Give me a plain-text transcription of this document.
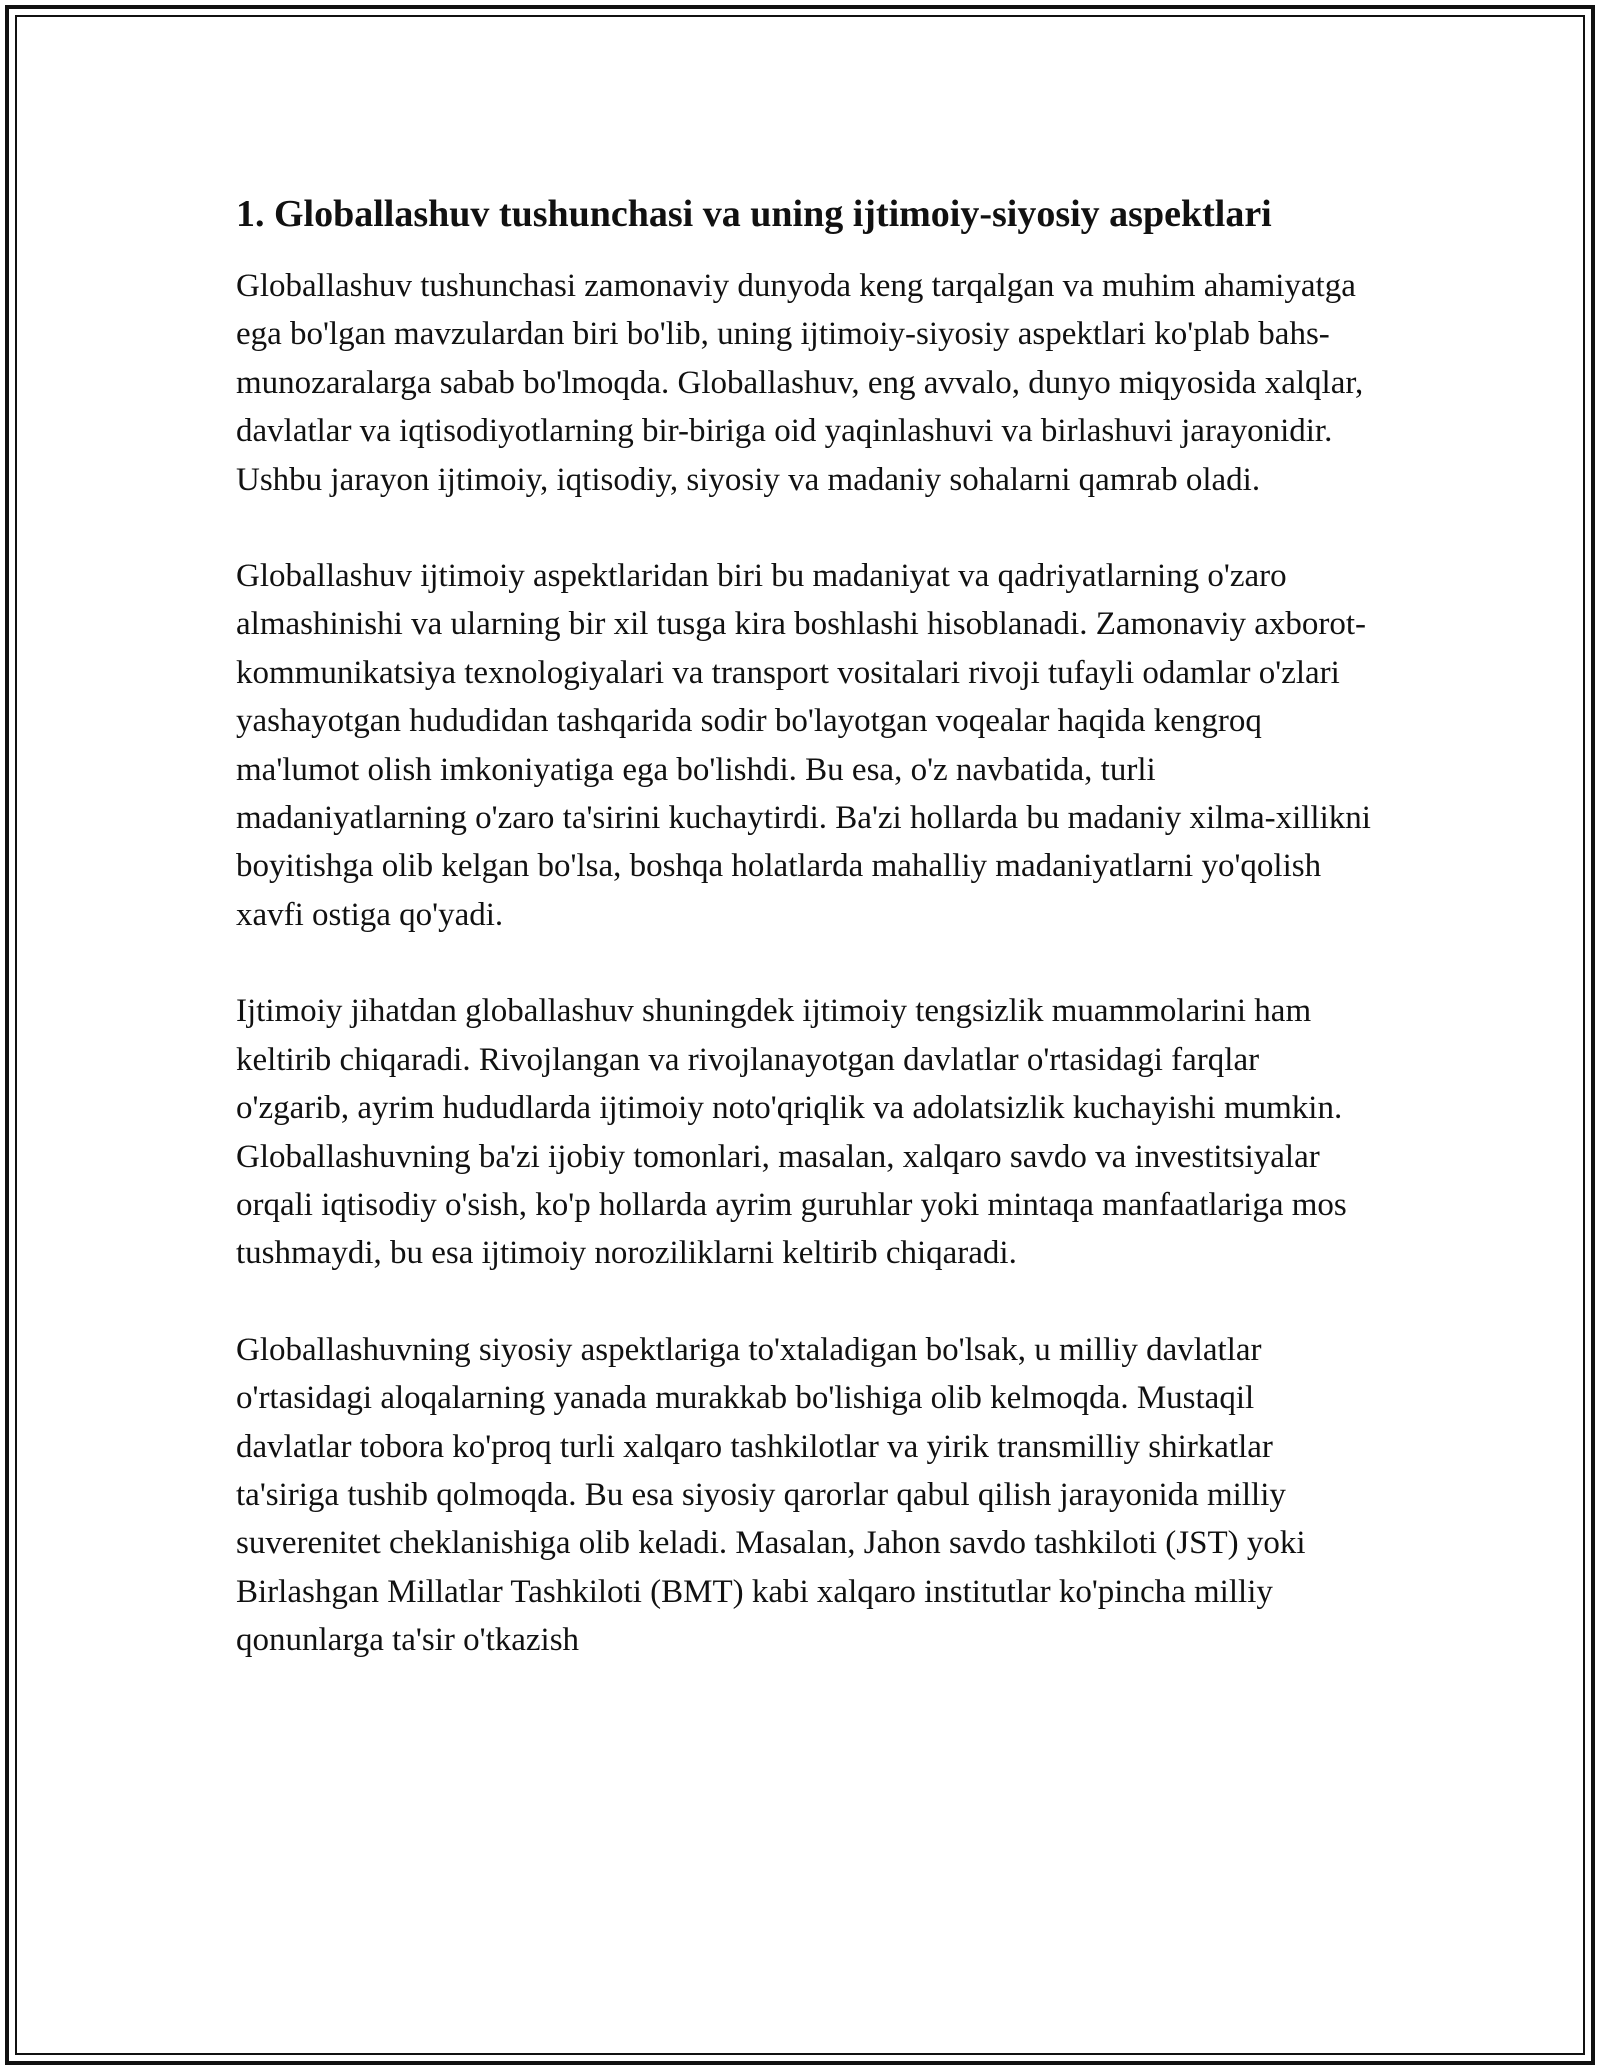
1. Globallashuv tushunchasi va uning ijtimoiy-siyosiy aspektlari

Globallashuv tushunchasi zamonaviy dunyoda keng tarqalgan va muhim ahamiyatga ega bo'lgan mavzulardan biri bo'lib, uning ijtimoiy-siyosiy aspektlari ko'plab bahs-munozaralarga sabab bo'lmoqda. Globallashuv, eng avvalo, dunyo miqyosida xalqlar, davlatlar va iqtisodiyotlarning bir-biriga oid yaqinlashuvi va birlashuvi jarayonidir. Ushbu jarayon ijtimoiy, iqtisodiy, siyosiy va madaniy sohalarni qamrab oladi.

Globallashuv ijtimoiy aspektlaridan biri bu madaniyat va qadriyatlarning o'zaro almashinishi va ularning bir xil tusga kira boshlashi hisoblanadi. Zamonaviy axborot-kommunikatsiya texnologiyalari va transport vositalari rivoji tufayli odamlar o'zlari yashayotgan hududidan tashqarida sodir bo'layotgan voqealar haqida kengroq ma'lumot olish imkoniyatiga ega bo'lishdi. Bu esa, o'z navbatida, turli madaniyatlarning o'zaro ta'sirini kuchaytirdi. Ba'zi hollarda bu madaniy xilma-xillikni boyitishga olib kelgan bo'lsa, boshqa holatlarda mahalliy madaniyatlarni yo'qolish xavfi ostiga qo'yadi.

Ijtimoiy jihatdan globallashuv shuningdek ijtimoiy tengsizlik muammolarini ham keltirib chiqaradi. Rivojlangan va rivojlanayotgan davlatlar o'rtasidagi farqlar o'zgarib, ayrim hududlarda ijtimoiy noto'qriqlik va adolatsizlik kuchayishi mumkin. Globallashuvning ba'zi ijobiy tomonlari, masalan, xalqaro savdo va investitsiyalar orqali iqtisodiy o'sish, ko'p hollarda ayrim guruhlar yoki mintaqa manfaatlariga mos tushmaydi, bu esa ijtimoiy noroziliklarni keltirib chiqaradi.

Globallashuvning siyosiy aspektlariga to'xtaladigan bo'lsak, u milliy davlatlar o'rtasidagi aloqalarning yanada murakkab bo'lishiga olib kelmoqda. Mustaqil davlatlar tobora ko'proq turli xalqaro tashkilotlar va yirik transmilliy shirkatlar ta'siriga tushib qolmoqda. Bu esa siyosiy qarorlar qabul qilish jarayonida milliy suverenitet cheklanishiga olib keladi. Masalan, Jahon savdo tashkiloti (JST) yoki Birlashgan Millatlar Tashkiloti (BMT) kabi xalqaro institutlar ko'pincha milliy qonunlarga ta'sir o'tkazish
